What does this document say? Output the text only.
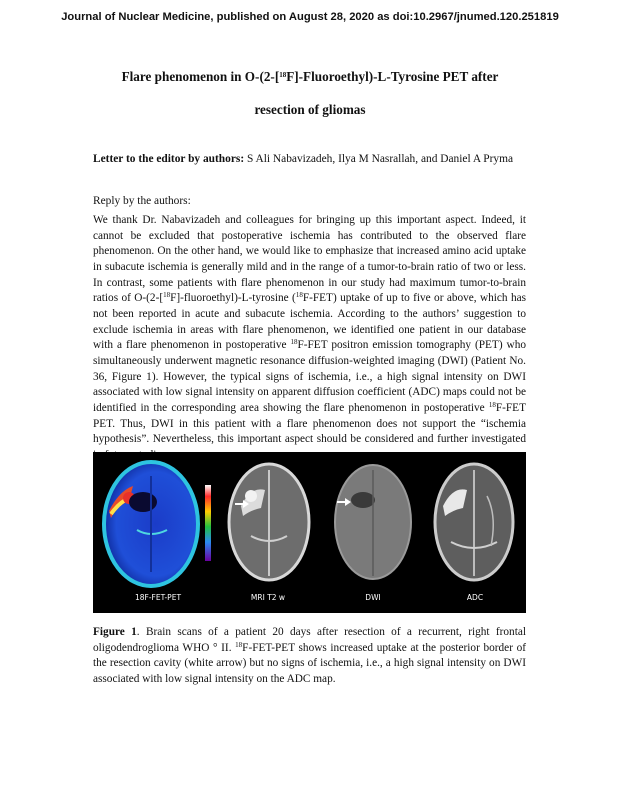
Journal of Nuclear Medicine, published on August 28, 2020 as doi:10.2967/jnumed.120.251819
Flare phenomenon in O-(2-[$^{18}$F]-Fluoroethyl)-L-Tyrosine PET after
resection of gliomas
Letter to the editor by authors: S Ali Nabavizadeh, Ilya M Nasrallah, and Daniel A Pryma
Reply by the authors:
We thank Dr. Nabavizadeh and colleagues for bringing up this important aspect. Indeed, it cannot be excluded that postoperative ischemia has contributed to the observed flare phenomenon. On the other hand, we would like to emphasize that increased amino acid uptake in subacute ischemia is generally mild and in the range of a tumor-to-brain ratio of two or less. In contrast, some patients with flare phenomenon in our study had maximum tumor-to-brain ratios of O-(2-[$^{18}$F]-fluoroethyl)-L-tyrosine ($^{18}$F-FET) uptake of up to five or above, which has not been reported in acute and subacute ischemia. According to the authors’ suggestion to exclude ischemia in areas with flare phenomenon, we identified one patient in our database with a flare phenomenon in postoperative $^{18}$F-FET positron emission tomography (PET) who simultaneously underwent magnetic resonance diffusion-weighted imaging (DWI) (Patient No. 36, Figure 1). However, the typical signs of ischemia, i.e., a high signal intensity on DWI associated with low signal intensity on apparent diffusion coefficient (ADC) maps could not be identified in the corresponding area showing the flare phenomenon in postoperative $^{18}$F-FET PET. Thus, DWI in this patient with a flare phenomenon does not support the “ischemia hypothesis”. Nevertheless, this important aspect should be considered and further investigated
18F-FET-PET	MRI T2 w	DWI	ADC
Figure 1. Brain scans of a patient 20 days after resection of a recurrent, right frontal oligodendroglioma WHO ° II. $^{18}$F-FET-PET shows increased uptake at the posterior border of the resection cavity (white arrow) but no signs of ischemia, i.e., a high signal intensity on DWI associated with low signal intensity on the ADC map.
